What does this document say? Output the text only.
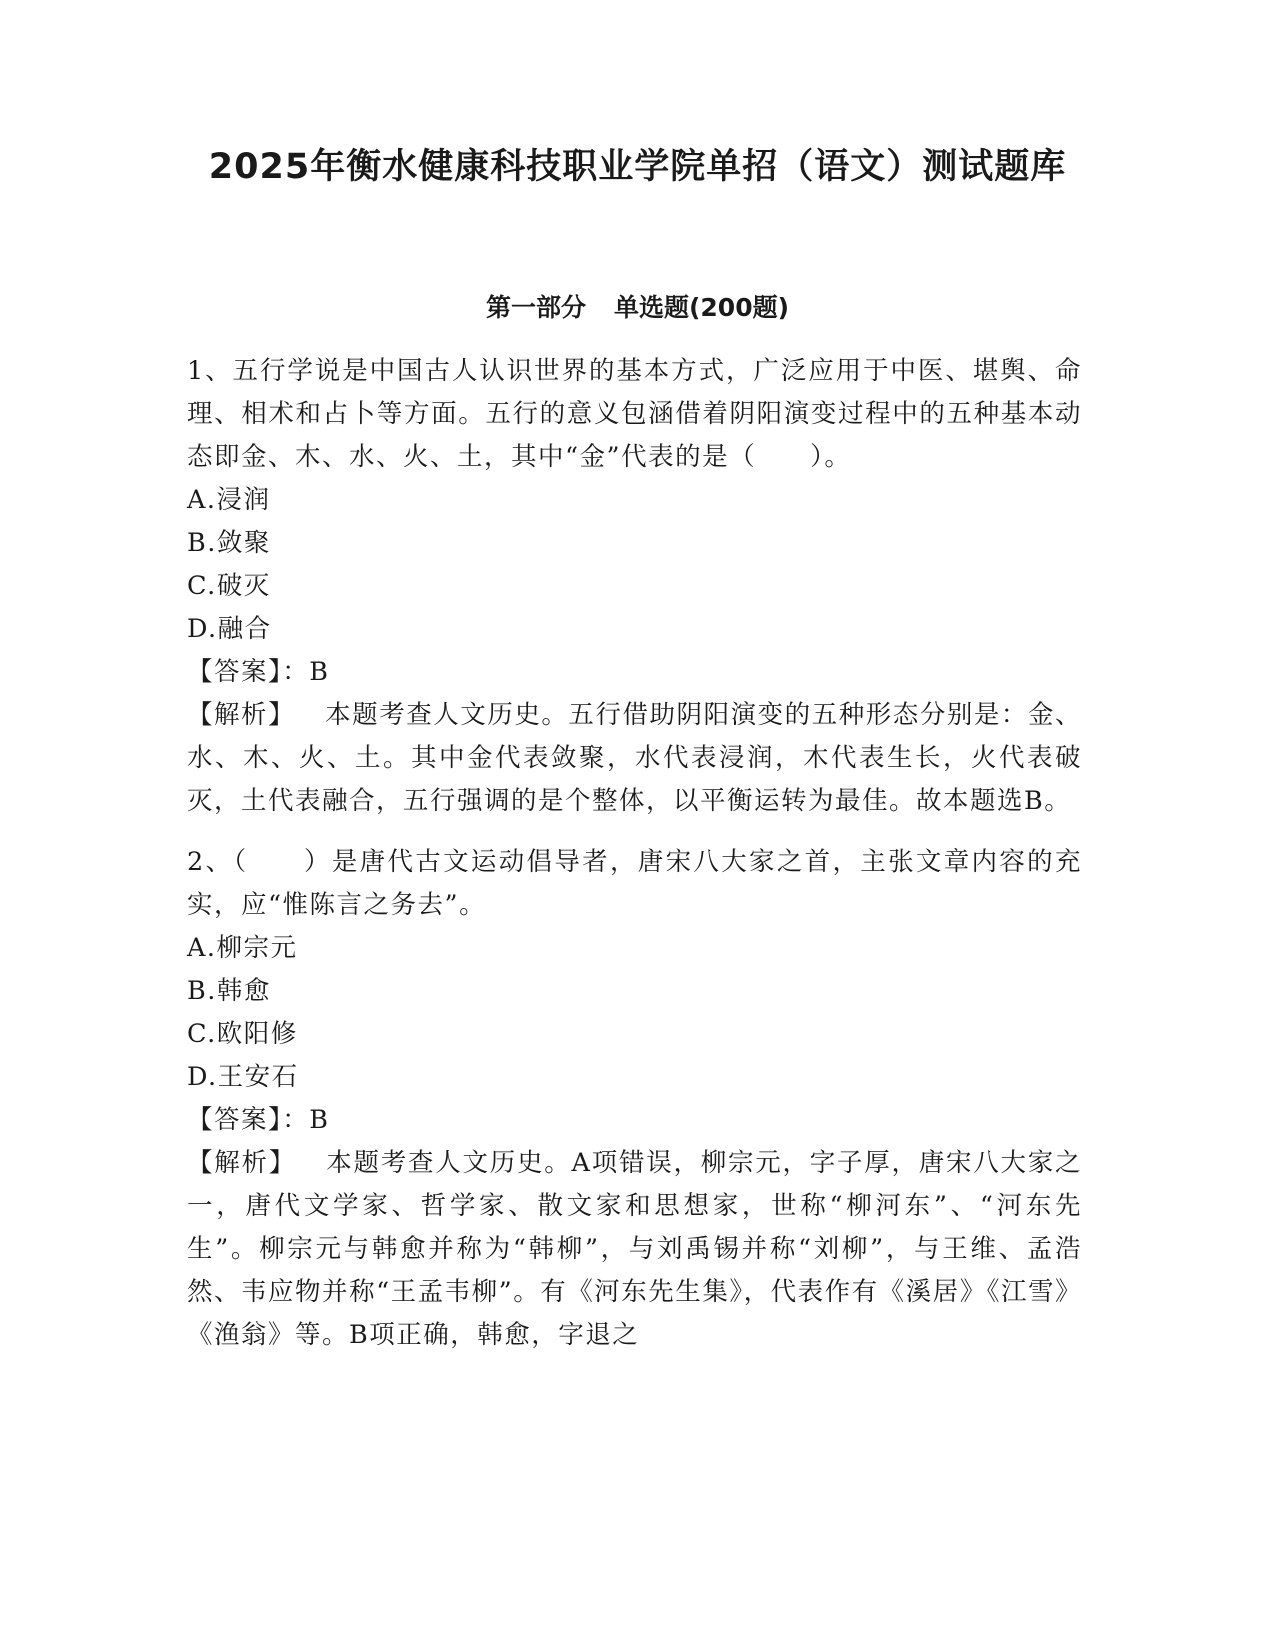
2025年衡水健康科技职业学院单招（语文）测试题库
第一部分 单选题(200题)

1、五行学说是中国古人认识世界的基本方式，广泛应用于中医、堪舆、命理、相术和占卜等方面。五行的意义包涵借着阴阳演变过程中的五种基本动态即金、木、水、火、土，其中“金”代表的是（　　）。

A.浸润
B.敛聚
C.破灭
D.融合

【答案】：B

【解析】 本题考查人文历史。五行借助阴阳演变的五种形态分别是：金、水、木、火、土。其中金代表敛聚，水代表浸润，木代表生长，火代表破灭，土代表融合，五行强调的是个整体，以平衡运转为最佳。故本题选B。

2、（　　）是唐代古文运动倡导者，唐宋八大家之首，主张文章内容的充实，应“惟陈言之务去”。

A.柳宗元
B.韩愈
C.欧阳修
D.王安石

【答案】：B

【解析】 本题考查人文历史。A项错误，柳宗元，字子厚，唐宋八大家之一，唐代文学家、哲学家、散文家和思想家，世称“柳河东”、“河东先生”。柳宗元与韩愈并称为“韩柳”，与刘禹锡并称“刘柳”，与王维、孟浩然、韦应物并称“王孟韦柳”。有《河东先生集》，代表作有《溪居》《江雪》《渔翁》等。B项正确，韩愈，字退之
